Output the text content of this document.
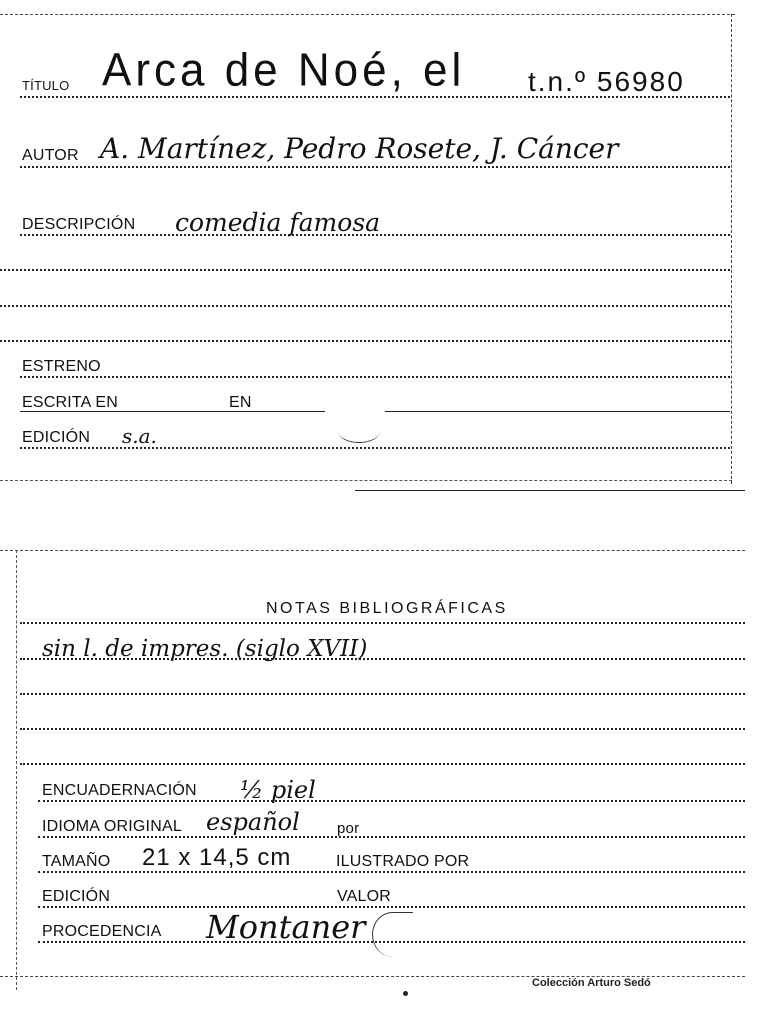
TÍTULO Arca de Noé, el t.n.º 56980
AUTOR A. Martínez, Pedro Rosete, J. Cáncer
DESCRIPCIÓN comedia famosa
ESTRENO
ESCRITA EN	EN
EDICIÓN s.a.
NOTAS BIBLIOGRÁFICAS
sin l. de impres. (siglo XVII)
ENCUADERNACIÓN ½ piel
IDIOMA ORIGINAL español por
TAMAÑO 21 x 14,5 cm	ILUSTRADO POR
EDICIÓN	VALOR
PROCEDENCIA Montaner
Colección Arturo Sedó
